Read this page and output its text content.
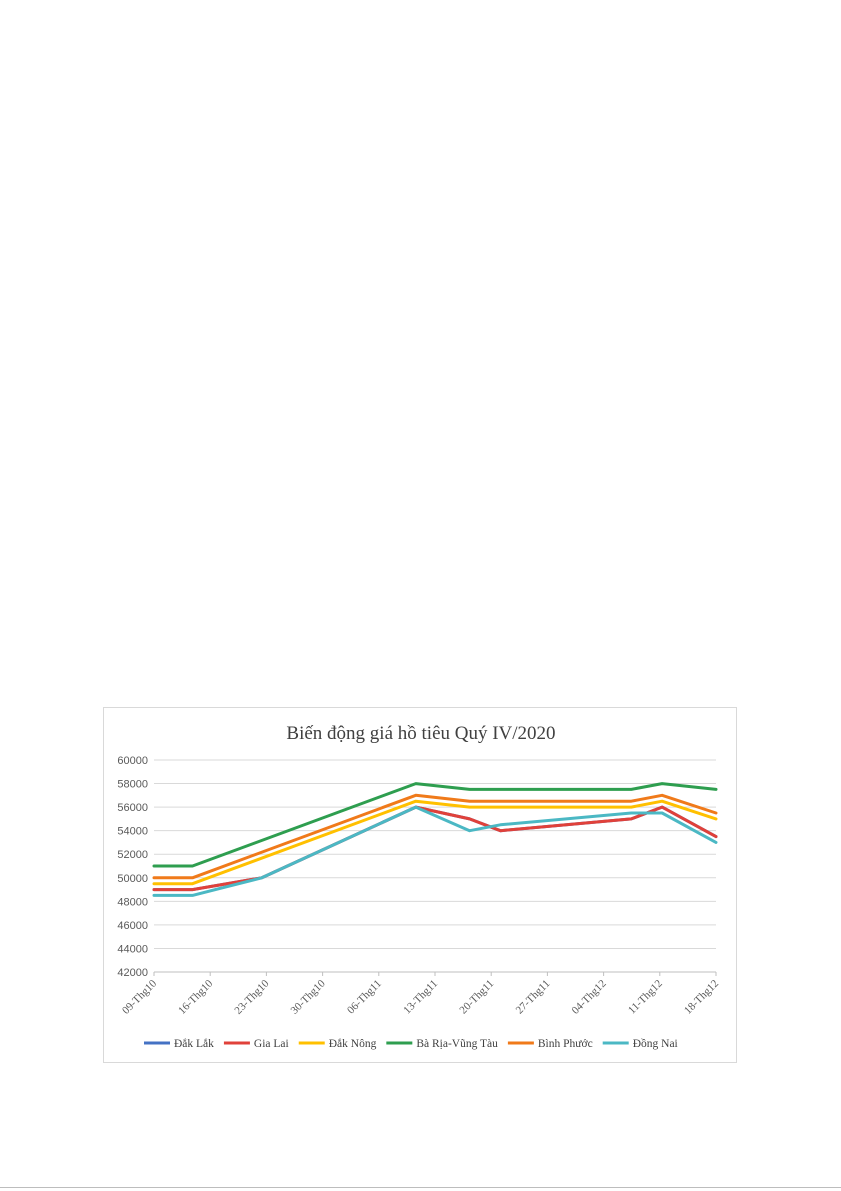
Biến động giá hồ tiêu Quý IV/2020
42000
44000
46000
48000
50000
52000
54000
56000
58000
60000
09-Thg10 16-Thg10 23-Thg10 30-Thg10 06-Thg11 13-Thg11 20-Thg11 27-Thg11 04-Thg12 11-Thg12 18-Thg12
Đắk Lắk	Gia Lai	Đắk Nông	Bà Rịa-Vũng Tàu	Bình Phước	Đồng Nai
